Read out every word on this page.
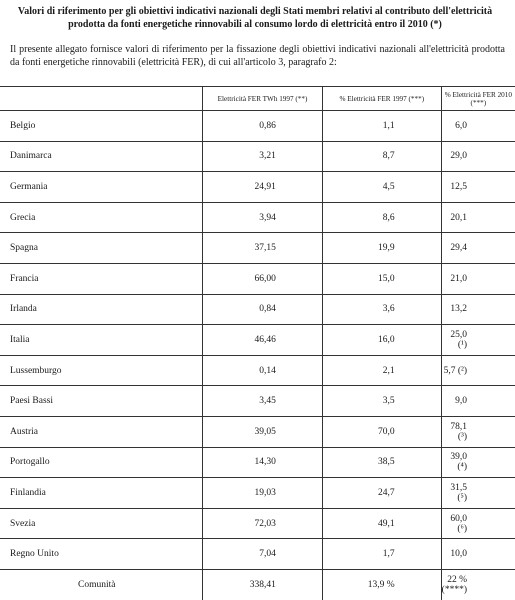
Valori di riferimento per gli obiettivi indicativi nazionali degli Stati membri relativi al contributo dell'elettricità prodotta da fonti energetiche rinnovabili al consumo lordo di elettricità entro il 2010 (*)
Il presente allegato fornisce valori di riferimento per la fissazione degli obiettivi indicativi nazionali all'elettricità prodotta da fonti energetiche rinnovabili (elettricità FER), di cui all'articolo 3, paragrafo 2:
	Elettricità FER TWh 1997 (**)	% Elettricità FER 1997 (***)	% Elettricità FER 2010 (***)
Belgio	0,86	1,1	6,0
Danimarca	3,21	8,7	29,0
Germania	24,91	4,5	12,5
Grecia	3,94	8,6	20,1
Spagna	37,15	19,9	29,4
Francia	66,00	15,0	21,0
Irlanda	0,84	3,6	13,2
Italia	46,46	16,0	25,0 (¹)
Lussemburgo	0,14	2,1	5,7 (²)
Paesi Bassi	3,45	3,5	9,0
Austria	39,05	70,0	78,1 (³)
Portogallo	14,30	38,5	39,0 (⁴)
Finlandia	19,03	24,7	31,5 (⁵)
Svezia	72,03	49,1	60,0 (⁶)
Regno Unito	7,04	1,7	10,0
Comunità	338,41	13,9 %	22 % (****)
